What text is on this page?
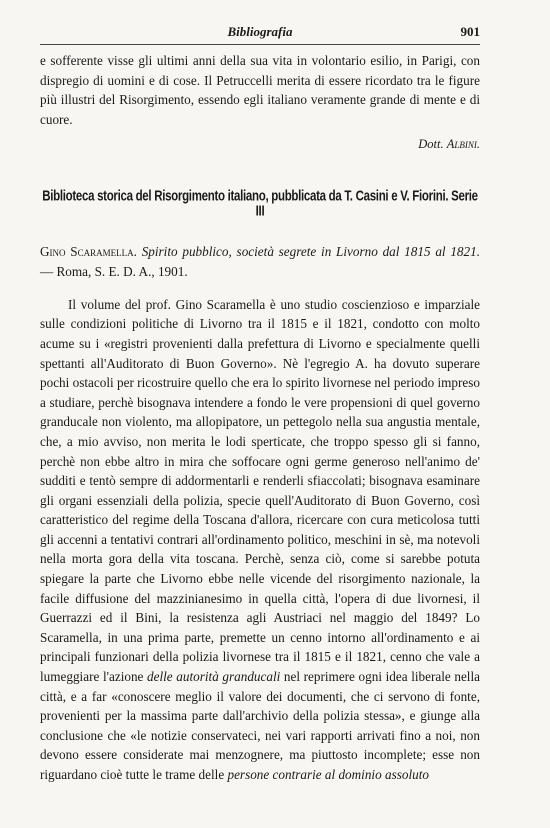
Bibliografia	901

e sofferente visse gli ultimi anni della sua vita in volontario esilio, in Parigi, con dispregio di uomini e di cose. Il Petruccelli merita di essere ricordato tra le figure più illustri del Risorgimento, essendo egli italiano veramente grande di mente e di cuore.

Dott. Albini.
Biblioteca storica del Risorgimento italiano, pubblicata da T. Casini e V. Fiorini. Serie III

Gino Scaramella. Spirito pubblico, società segrete in Livorno dal 1815 al 1821. — Roma, S. E. D. A., 1901.

Il volume del prof. Gino Scaramella è uno studio coscienzioso e imparziale sulle condizioni politiche di Livorno tra il 1815 e il 1821, condotto con molto acume su i «registri provenienti dalla prefettura di Livorno e specialmente quelli spettanti all'Auditorato di Buon Governo». Nè l'egregio A. ha dovuto superare pochi ostacoli per ricostruire quello che era lo spirito livornese nel periodo impreso a studiare, perchè bisognava intendere a fondo le vere propensioni di quel governo granducale non violento, ma allopipatore, un pettegolo nella sua angustia mentale, che, a mio avviso, non merita le lodi sperticate, che troppo spesso gli si fanno, perchè non ebbe altro in mira che soffocare ogni germe generoso nell'animo de' sudditi e tentò sempre di addormentarli e renderli sfiaccolati; bisognava esaminare gli organi essenziali della polizia, specie quell'Auditorato di Buon Governo, così caratteristico del regime della Toscana d'allora, ricercare con cura meticolosa tutti gli accenni a tentativi contrari all'ordinamento politico, meschini in sè, ma notevoli nella morta gora della vita toscana. Perchè, senza ciò, come si sarebbe potuta spiegare la parte che Livorno ebbe nelle vicende del risorgimento nazionale, la facile diffusione del mazzinianesimo in quella città, l'opera di due livornesi, il Guerrazzi ed il Bini, la resistenza agli Austriaci nel maggio del 1849? Lo Scaramella, in una prima parte, premette un cenno intorno all'ordinamento e ai principali funzionari della polizia livornese tra il 1815 e il 1821, cenno che vale a lumeggiare l'azione delle autorità granducali nel reprimere ogni idea liberale nella città, e a far «conoscere meglio il valore dei documenti, che ci servono di fonte, provenienti per la massima parte dall'archivio della polizia stessa», e giunge alla conclusione che «le notizie conservateci, nei vari rapporti arrivati fino a noi, non devono essere considerate mai menzognere, ma piuttosto incomplete; esse non riguardano cioè tutte le trame delle persone contrarie al dominio assoluto
